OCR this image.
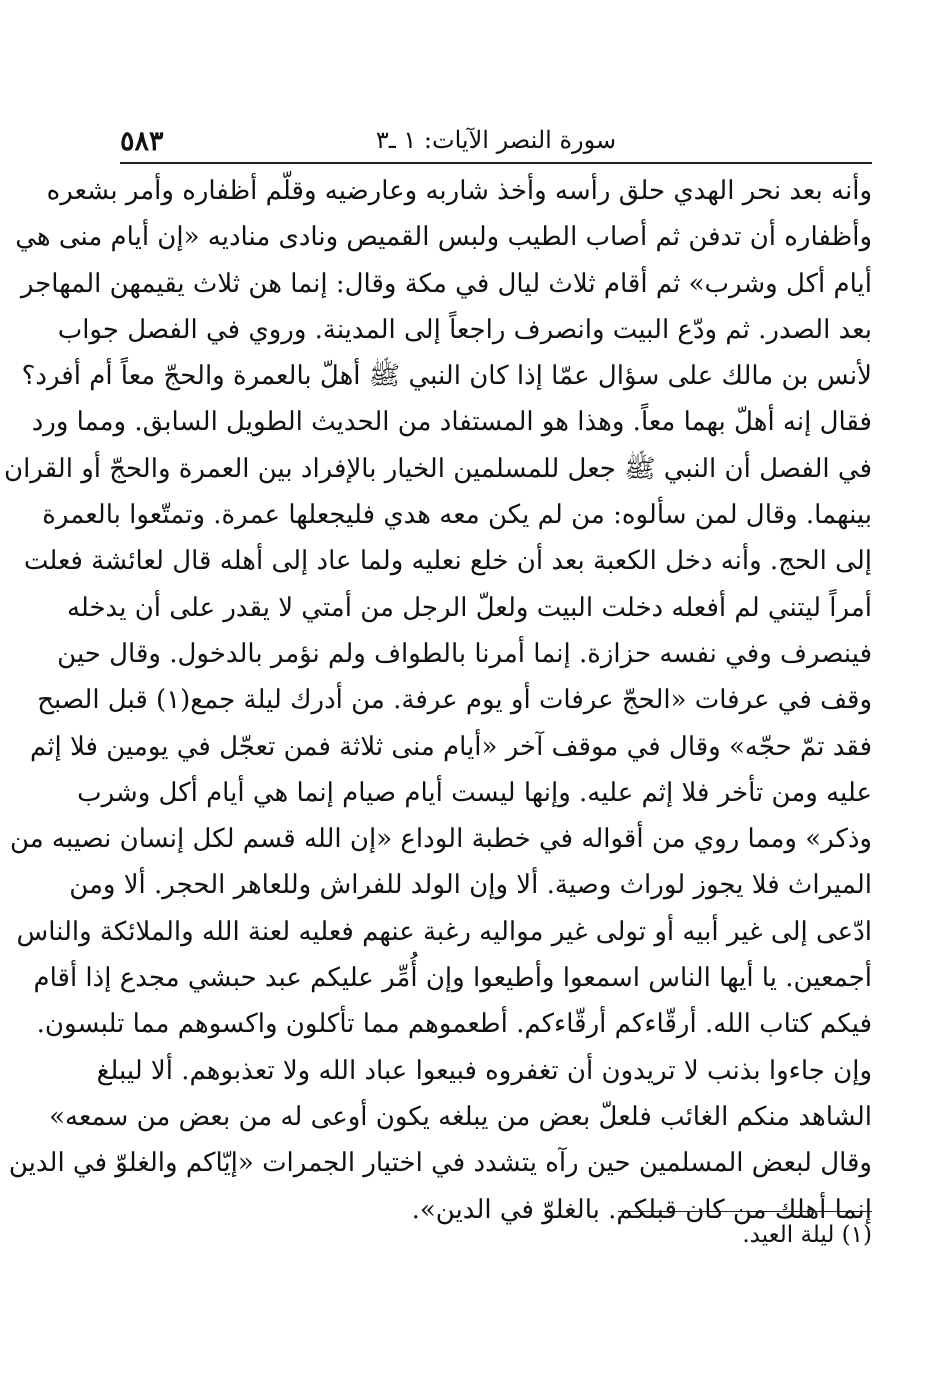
٥٨٣	سورة النصر الآيات: ١ ـ٣
وأنه بعد نحر الهدي حلق رأسه وأخذ شاربه وعارضيه وقلّم أظفاره وأمر بشعره
وأظفاره أن تدفن ثم أصاب الطيب ولبس القميص ونادى مناديه «إن أيام منى هي
أيام أكل وشرب» ثم أقام ثلاث ليال في مكة وقال: إنما هن ثلاث يقيمهن المهاجر
بعد الصدر. ثم ودّع البيت وانصرف راجعاً إلى المدينة. وروي في الفصل جواب
لأنس بن مالك على سؤال عمّا إذا كان النبي ﷺ أهلّ بالعمرة والحجّ معاً أم أفرد؟
فقال إنه أهلّ بهما معاً. وهذا هو المستفاد من الحديث الطويل السابق. ومما ورد
في الفصل أن النبي ﷺ جعل للمسلمين الخيار بالإفراد بين العمرة والحجّ أو القران
بينهما. وقال لمن سألوه: من لم يكن معه هدي فليجعلها عمرة. وتمتّعوا بالعمرة
إلى الحج. وأنه دخل الكعبة بعد أن خلع نعليه ولما عاد إلى أهله قال لعائشة فعلت
أمراً ليتني لم أفعله دخلت البيت ولعلّ الرجل من أمتي لا يقدر على أن يدخله
فينصرف وفي نفسه حزازة. إنما أمرنا بالطواف ولم نؤمر بالدخول. وقال حين
وقف في عرفات «الحجّ عرفات أو يوم عرفة. من أدرك ليلة جمع(١) قبل الصبح
فقد تمّ حجّه» وقال في موقف آخر «أيام منى ثلاثة فمن تعجّل في يومين فلا إثم
عليه ومن تأخر فلا إثم عليه. وإنها ليست أيام صيام إنما هي أيام أكل وشرب
وذكر» ومما روي من أقواله في خطبة الوداع «إن الله قسم لكل إنسان نصيبه من
الميراث فلا يجوز لوراث وصية. ألا وإن الولد للفراش وللعاهر الحجر. ألا ومن
ادّعى إلى غير أبيه أو تولى غير مواليه رغبة عنهم فعليه لعنة الله والملائكة والناس
أجمعين. يا أيها الناس اسمعوا وأطيعوا وإن أُمِّر عليكم عبد حبشي مجدع إذا أقام
فيكم كتاب الله. أرقّاءكم أرقّاءكم. أطعموهم مما تأكلون واكسوهم مما تلبسون.
وإن جاءوا بذنب لا تريدون أن تغفروه فبيعوا عباد الله ولا تعذبوهم. ألا ليبلغ
الشاهد منكم الغائب فلعلّ بعض من يبلغه يكون أوعى له من بعض من سمعه»
وقال لبعض المسلمين حين رآه يتشدد في اختيار الجمرات «إيّاكم والغلوّ في الدين
إنما أهلك من كان قبلكم. بالغلوّ في الدين».
(١) ليلة العيد.
